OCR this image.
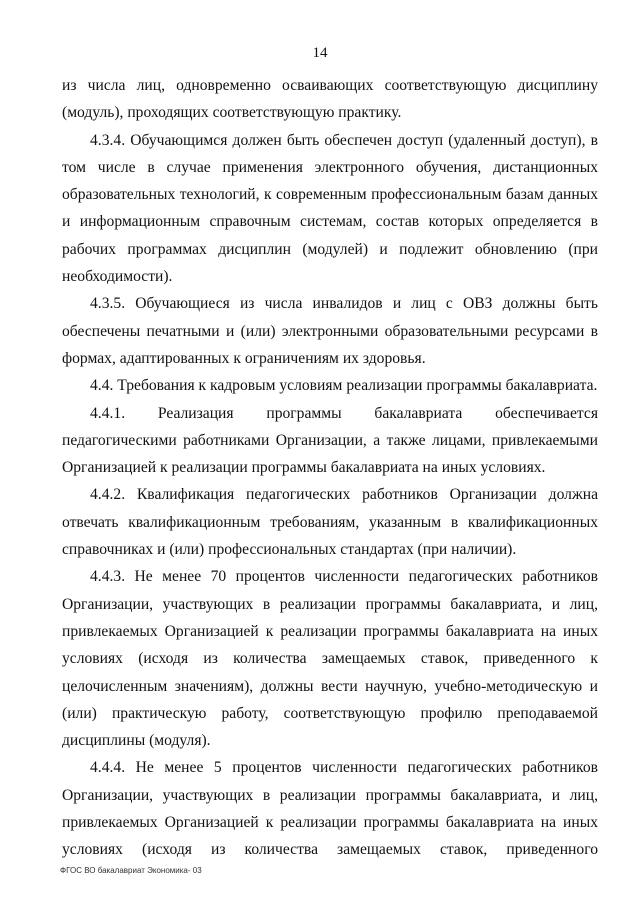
14

из числа лиц, одновременно осваивающих соответствующую дисциплину (модуль), проходящих соответствующую практику.

4.3.4. Обучающимся должен быть обеспечен доступ (удаленный доступ), в том числе в случае применения электронного обучения, дистанционных образовательных технологий, к современным профессиональным базам данных и информационным справочным системам, состав которых определяется в рабочих программах дисциплин (модулей) и подлежит обновлению (при необходимости).

4.3.5. Обучающиеся из числа инвалидов и лиц с ОВЗ должны быть обеспечены печатными и (или) электронными образовательными ресурсами в формах, адаптированных к ограничениям их здоровья.

4.4. Требования к кадровым условиям реализации программы бакалавриата.

4.4.1. Реализация программы бакалавриата обеспечивается педагогическими работниками Организации, а также лицами, привлекаемыми Организацией к реализации программы бакалавриата на иных условиях.

4.4.2. Квалификация педагогических работников Организации должна отвечать квалификационным требованиям, указанным в квалификационных справочниках и (или) профессиональных стандартах (при наличии).

4.4.3. Не менее 70 процентов численности педагогических работников Организации, участвующих в реализации программы бакалавриата, и лиц, привлекаемых Организацией к реализации программы бакалавриата на иных условиях (исходя из количества замещаемых ставок, приведенного к целочисленным значениям), должны вести научную, учебно-методическую и (или) практическую работу, соответствующую профилю преподаваемой дисциплины (модуля).

4.4.4. Не менее 5 процентов численности педагогических работников Организации, участвующих в реализации программы бакалавриата, и лиц, привлекаемых Организацией к реализации программы бакалавриата на иных условиях (исходя из количества замещаемых ставок, приведенного

ФГОС ВО бакалавриат Экономика- 03
